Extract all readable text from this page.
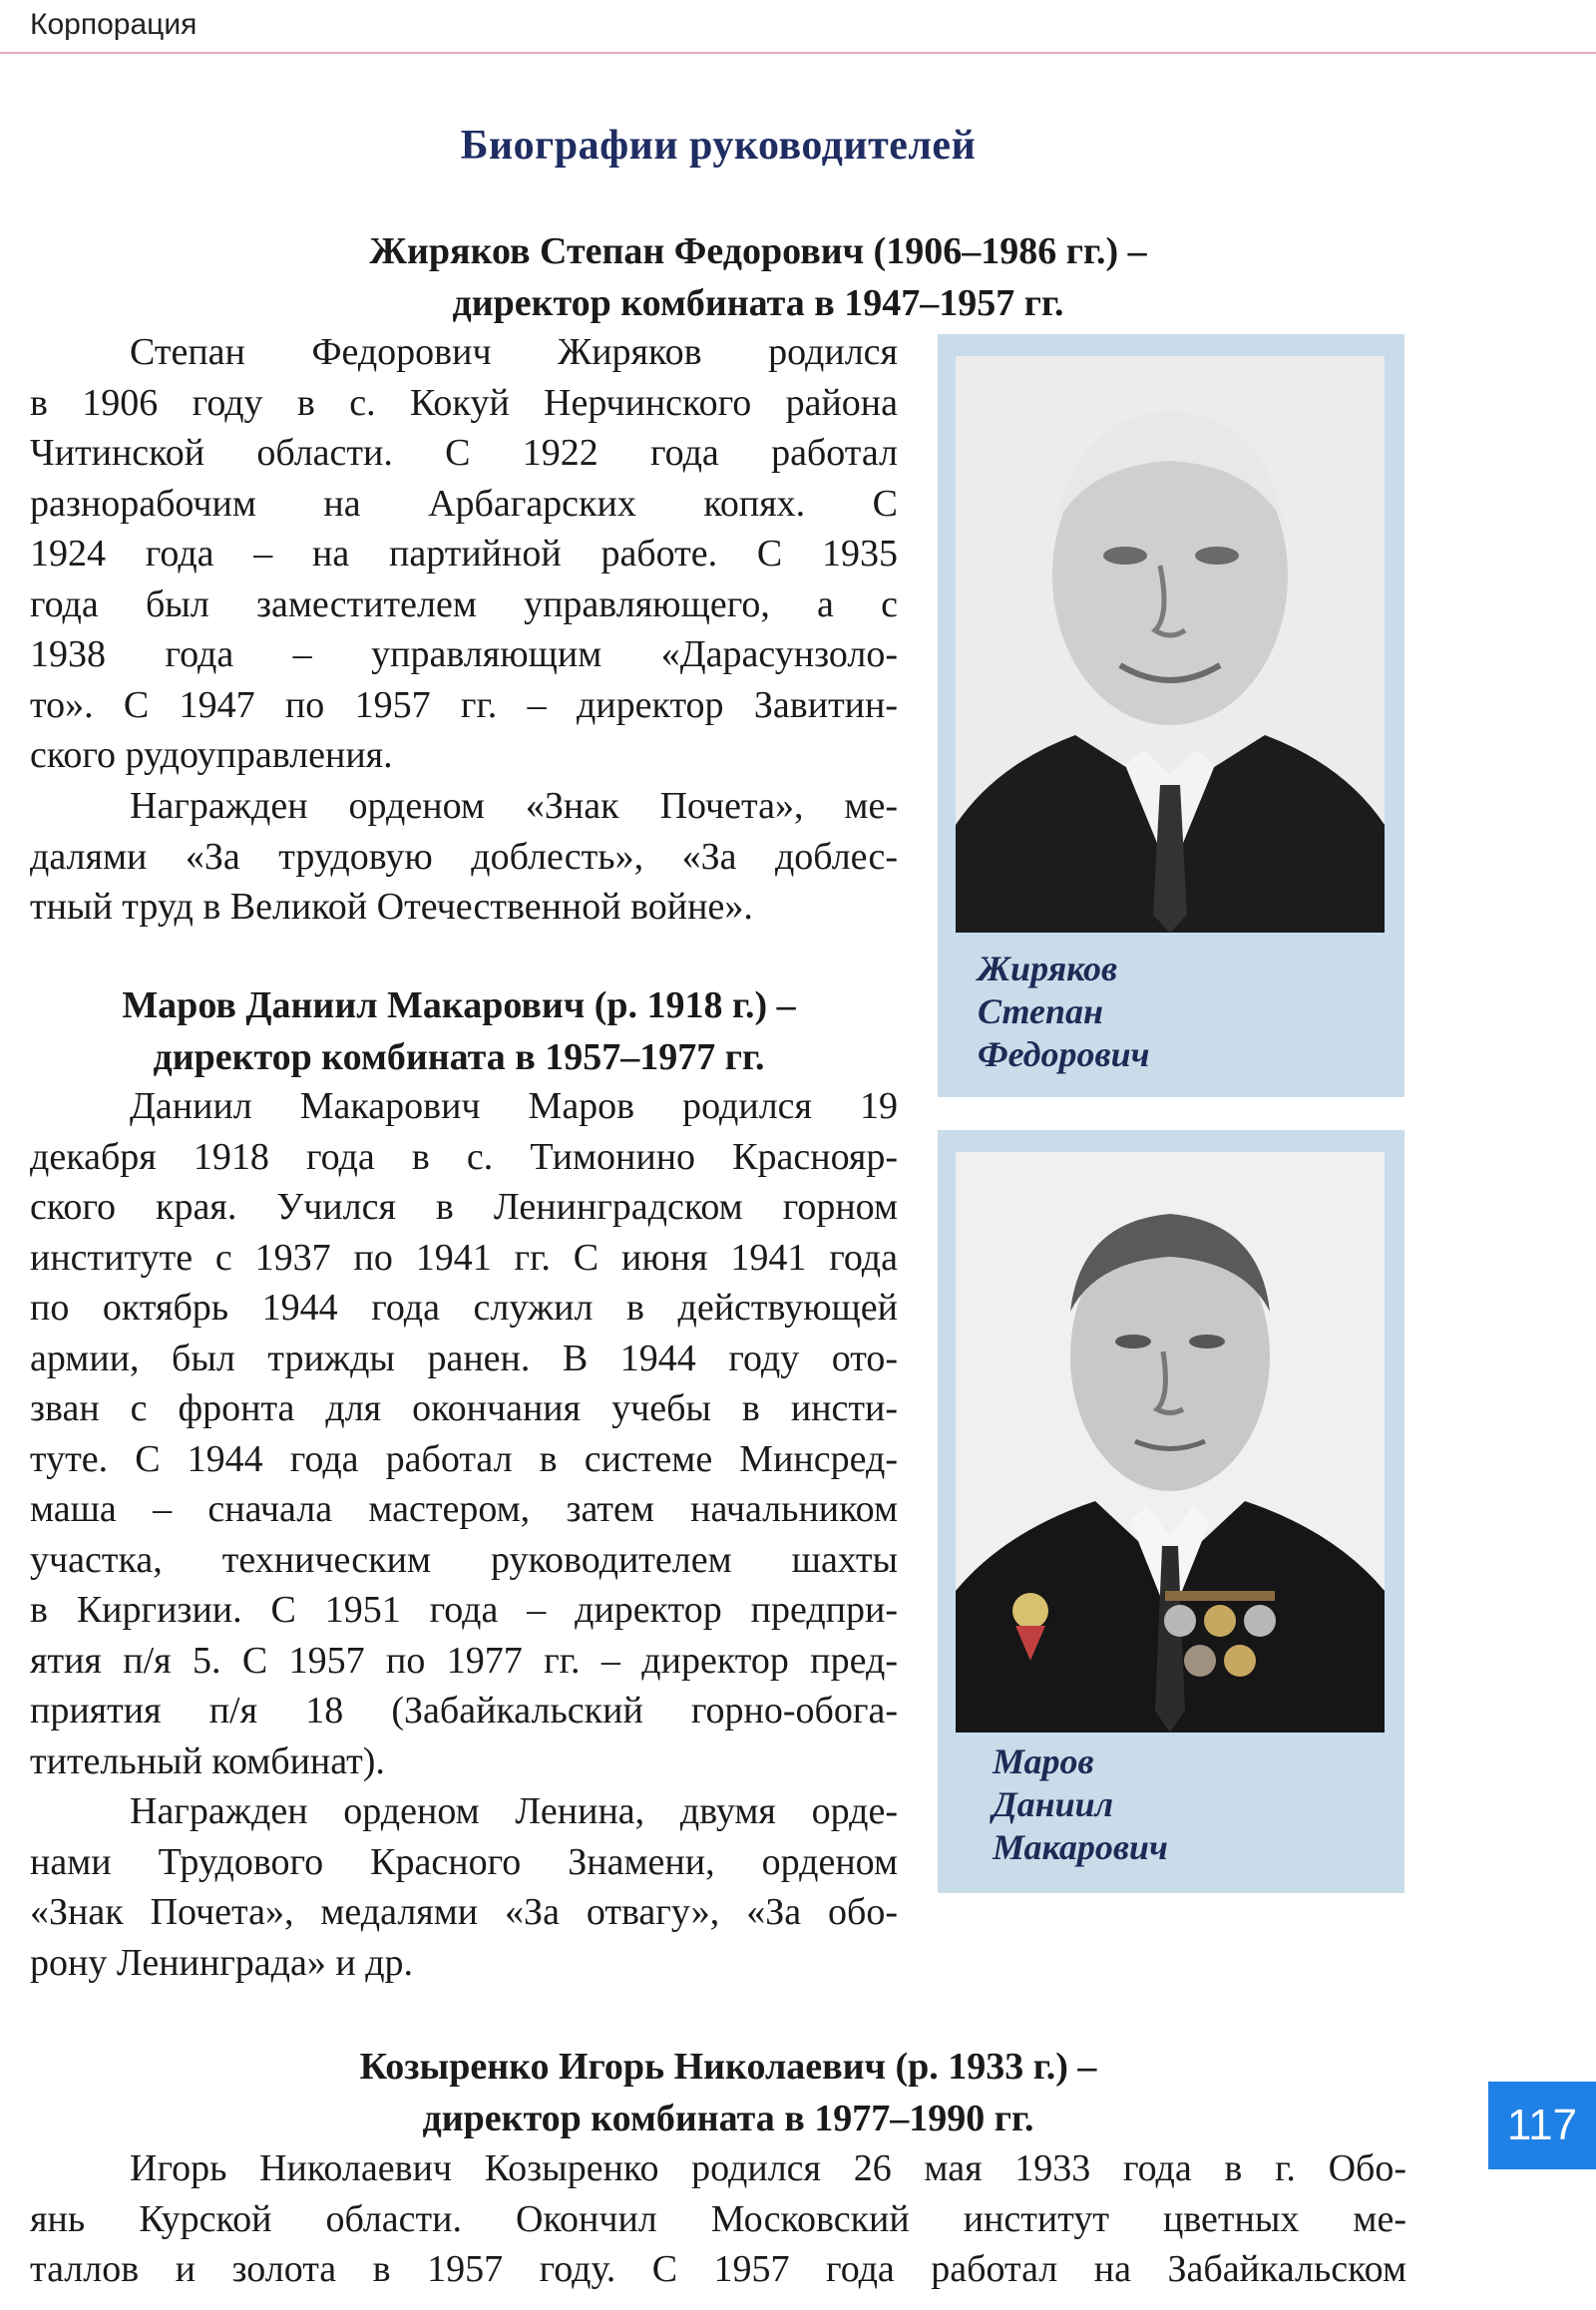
Корпорация
Биографии руководителей
Жиряков Степан Федорович (1906–1986 гг.) –
директор комбината в 1947–1957 гг.
Степан Федорович Жиряков родился
в 1906 году в с. Кокуй Нерчинского района
Читинской области. С 1922 года работал
разнорабочим на Арбагарских копях. С
1924 года – на партийной работе. С 1935
года был заместителем управляющего, а с
1938 года – управляющим «Дарасунзоло-
то». С 1947 по 1957 гг. – директор Завитин-
ского рудоуправления.
Награжден орденом «Знак Почета», ме-
далями «За трудовую доблесть», «За доблес-
тный труд в Великой Отечественной войне».
Жиряков
Степан
Федорович
Маров Даниил Макарович (р. 1918 г.) –
директор комбината в 1957–1977 гг.
Даниил Макарович Маров родился 19
декабря 1918 года в с. Тимонино Краснояр-
ского края. Учился в Ленинградском горном
институте с 1937 по 1941 гг. С июня 1941 года
по октябрь 1944 года служил в действующей
армии, был трижды ранен. В 1944 году ото-
зван с фронта для окончания учебы в инсти-
туте. С 1944 года работал в системе Минсред-
маша – сначала мастером, затем начальником
участка, техническим руководителем шахты
в Киргизии. С 1951 года – директор предпри-
ятия п/я 5. С 1957 по 1977 гг. – директор пред-
приятия п/я 18 (Забайкальский горно-обога-
тительный комбинат).
Награжден орденом Ленина, двумя орде-
нами Трудового Красного Знамени, орденом
«Знак Почета», медалями «За отвагу», «За обо-
рону Ленинграда» и др.
Маров
Даниил
Макарович
Козыренко Игорь Николаевич (р. 1933 г.) –
директор комбината в 1977–1990 гг.
Игорь Николаевич Козыренко родился 26 мая 1933 года в г. Обо-
янь Курской области. Окончил Московский институт цветных ме-
таллов и золота в 1957 году. С 1957 года работал на Забайкальском
117
